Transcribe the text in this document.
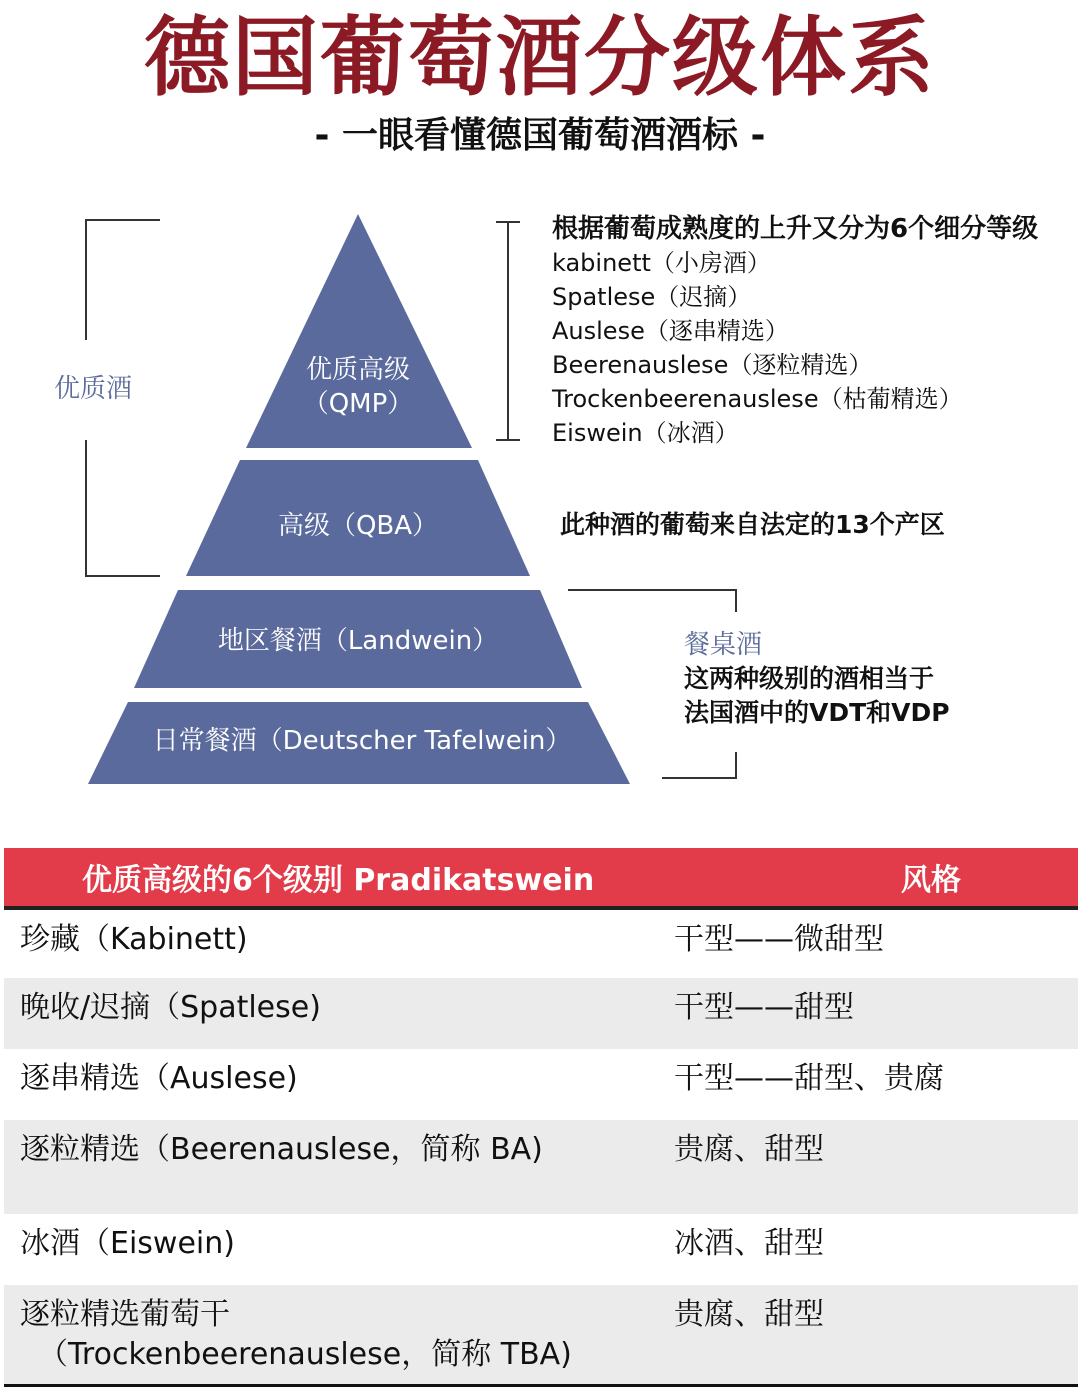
德国葡萄酒分级体系
- 一眼看懂德国葡萄酒酒标 -
优质高级
（QMP）
高级（QBA）
地区餐酒（Landwein）
日常餐酒（Deutscher Tafelwein）
优质酒
根据葡萄成熟度的上升又分为6个细分等级
kabinett（小房酒）
Spatlese（迟摘）
Auslese（逐串精选）
Beerenauslese（逐粒精选）
Trockenbeerenauslese（枯葡精选）
Eiswein（冰酒）
此种酒的葡萄来自法定的13个产区
餐桌酒
这两种级别的酒相当于
法国酒中的VDT和VDP
优质高级的6个级别 Pradikatswein	风格
珍藏（Kabinett)	干型——微甜型
晚收/迟摘（Spatlese)	干型——甜型
逐串精选（Auslese)	干型——甜型、贵腐
逐粒精选（Beerenauslese，简称 BA)	贵腐、甜型
冰酒（Eiswein)	冰酒、甜型

逐粒精选葡萄干
（Trockenbeerenauslese，简称 TBA)	贵腐、甜型
